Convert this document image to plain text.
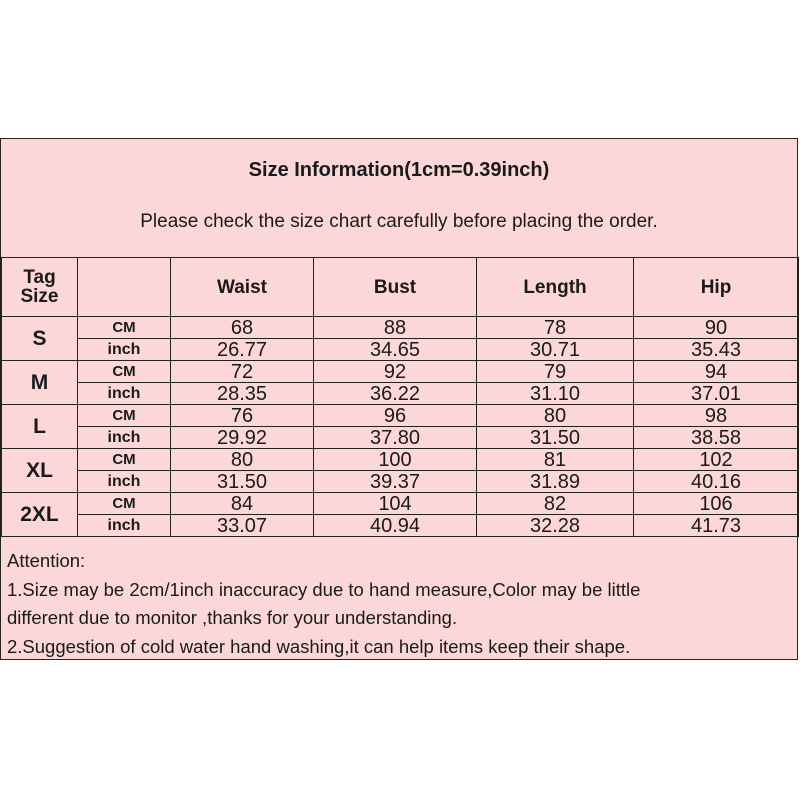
Size Information(1cm=0.39inch)
Please check the size chart carefully before placing the order.
Tag
Size		Waist	Bust	Length	Hip
S	CM	68	88	78	90
	inch	26.77	34.65	30.71	35.43
M	CM	72	92	79	94
	inch	28.35	36.22	31.10	37.01
L	CM	76	96	80	98
	inch	29.92	37.80	31.50	38.58
XL	CM	80	100	81	102
	inch	31.50	39.37	31.89	40.16
2XL	CM	84	104	82	106
	inch	33.07	40.94	32.28	41.73
Attention:
1.Size may be 2cm/1inch inaccuracy due to hand measure,Color may be little
different due to monitor ,thanks for your understanding.
2.Suggestion of cold water hand washing,it can help items keep their shape.
